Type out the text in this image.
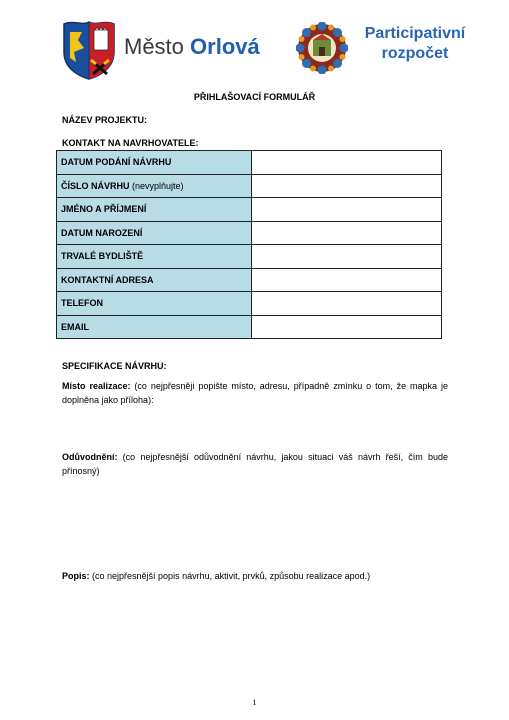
Město Orlová
Participativní
rozpočet
PŘIHLAŠOVACÍ FORMULÁŘ
NÁZEV PROJEKTU:
KONTAKT NA NAVRHOVATELE:
DATUM PODÁNÍ NÁVRHU	
ČÍSLO NÁVRHU (nevyplňujte)	
JMÉNO A PŘÍJMENÍ	
DATUM NAROZENÍ	
TRVALÉ BYDLIŠTĚ	
KONTAKTNÍ ADRESA	
TELEFON	
EMAIL	
SPECIFIKACE NÁVRHU:
Místo realizace: (co nejpřesněji popište místo, adresu, případně zmínku o tom, že mapka je doplněna jako příloha):
Odůvodnění: (co nejpřesnější odůvodnění návrhu, jakou situaci váš návrh řeší, čím bude přínosný)
Popis: (co nejpřesnější popis návrhu, aktivit, prvků, způsobu realizace apod.)
1
